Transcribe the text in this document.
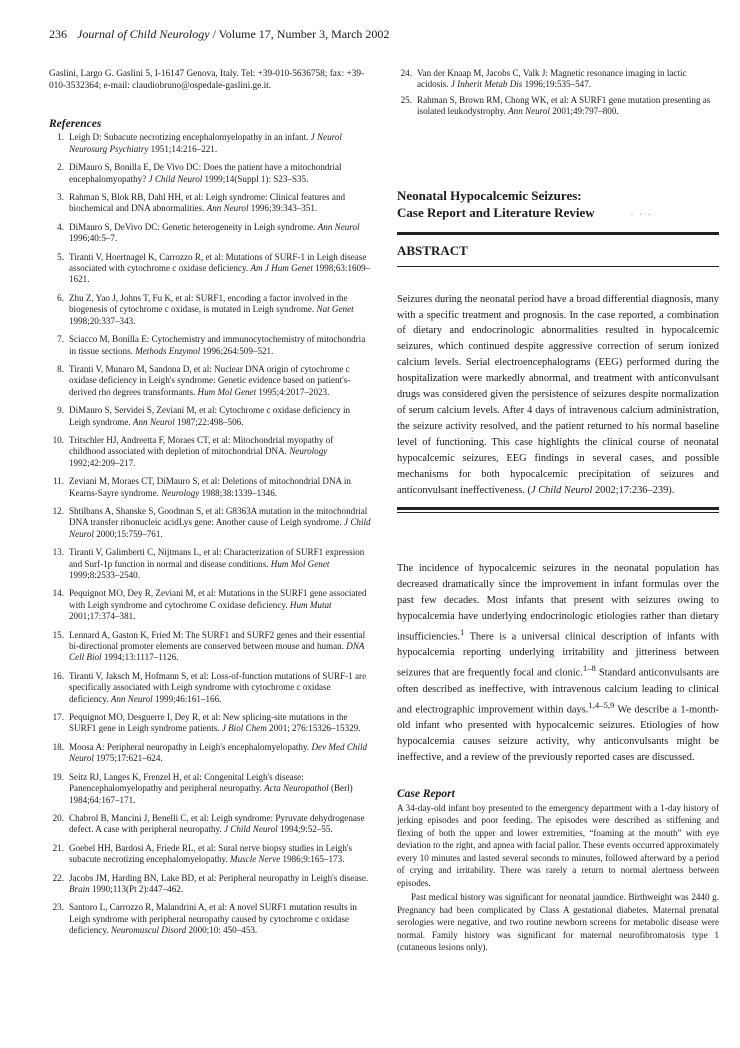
236 Journal of Child Neurology / Volume 17, Number 3, March 2002
Gaslini, Largo G. Gaslini 5, I-16147 Genova, Italy. Tel: +39-010-5636758; fax: +39-010-3532364; e-mail: claudiobruno@ospedale-gaslini.ge.it.
References
1. Leigh D: Subacute necrotizing encephalomyelopathy in an infant. J Neurol Neurosurg Psychiatry 1951;14:216–221.
2. DiMauro S, Bonilla E, De Vivo DC: Does the patient have a mitochondrial encephalomyopathy? J Child Neurol 1999;14(Suppl 1): S23–S35.
3. Rahman S, Blok RB, Dahl HH, et al: Leigh syndrome: Clinical features and biochemical and DNA abnormalities. Ann Neurol 1996;39:343–351.
4. DiMauro S, DeVivo DC: Genetic heterogeneity in Leigh syndrome. Ann Neurol 1996;40:5–7.
5. Tiranti V, Hoertnagel K, Carrozzo R, et al: Mutations of SURF-1 in Leigh disease associated with cytochrome c oxidase deficiency. Am J Hum Genet 1998;63:1609–1621.
6. Zhu Z, Yao J, Johns T, Fu K, et al: SURF1, encoding a factor involved in the biogenesis of cytochrome c oxidase, is mutated in Leigh syndrome. Nat Genet 1998;20:337–343.
7. Sciacco M, Bonilla E: Cytochemistry and immunocytochemistry of mitochondria in tissue sections. Methods Enzymol 1996;264:509–521.
8. Tiranti V, Munaro M, Sandona D, et al: Nuclear DNA origin of cytochrome c oxidase deficiency in Leigh's syndrome: Genetic evidence based on patient's-derived rho degrees transformants. Hum Mol Genet 1995;4:2017–2023.
9. DiMauro S, Servidei S, Zeviani M, et al: Cytochrome c oxidase deficiency in Leigh syndrome. Ann Neurol 1987;22:498–506.
10. Tritschler HJ, Andreetta F, Moraes CT, et al: Mitochondrial myopathy of childhood associated with depletion of mitochondrial DNA. Neurology 1992;42:209–217.
11. Zeviani M, Moraes CT, DiMauro S, et al: Deletions of mitochondrial DNA in Kearns-Sayre syndrome. Neurology 1988;38:1339–1346.
12. Shtilbans A, Shanske S, Goodman S, et al: G8363A mutation in the mitochondrial DNA transfer ribonucleic acidLys gene: Another cause of Leigh syndrome. J Child Neurol 2000;15:759–761.
13. Tiranti V, Galimberti C, Nijtmans L, et al: Characterization of SURF1 expression and Surf-1p function in normal and disease conditions. Hum Mol Genet 1999;8:2533–2540.
14. Pequignot MO, Dey R, Zeviani M, et al: Mutations in the SURF1 gene associated with Leigh syndrome and cytochrome C oxidase deficiency. Hum Mutat 2001;17:374–381.
15. Lennard A, Gaston K, Fried M: The SURF1 and SURF2 genes and their essential bi-directional promoter elements are conserved between mouse and human. DNA Cell Biol 1994;13:1117–1126.
16. Tiranti V, Jaksch M, Hofmann S, et al: Loss-of-function mutations of SURF-1 are specifically associated with Leigh syndrome with cytochrome c oxidase deficiency. Ann Neurol 1999;46:161–166.
17. Pequignot MO, Desguerre I, Dey R, et al: New splicing-site mutations in the SURF1 gene in Leigh syndrome patients. J Biol Chem 2001; 276:15326–15329.
18. Moosa A: Peripheral neuropathy in Leigh's encephalomyelopathy. Dev Med Child Neurol 1975;17:621–624.
19. Seitz RJ, Langes K, Frenzel H, et al: Congenital Leigh's disease: Panencephalomyelopathy and peripheral neuropathy. Acta Neuropathol (Berl) 1984;64:167–171.
20. Chabrol B, Mancini J, Benelli C, et al: Leigh syndrome: Pyruvate dehydrogenase defect. A case with peripheral neuropathy. J Child Neurol 1994;9:52–55.
21. Goebel HH, Bardosi A, Friede RL, et al: Sural nerve biopsy studies in Leigh's subacute necrotizing encephalomyelopathy. Muscle Nerve 1986;9:165–173.
22. Jacobs JM, Harding BN, Lake BD, et al: Peripheral neuropathy in Leigh's disease. Brain 1990;113(Pt 2):447–462.
23. Santoro L, Carrozzo R, Malandrini A, et al: A novel SURF1 mutation results in Leigh syndrome with peripheral neuropathy caused by cytochrome c oxidase deficiency. Neuromuscul Disord 2000;10: 450–453.
24. Van der Knaap M, Jacobs C, Valk J: Magnetic resonance imaging in lactic acidosis. J Inherit Metab Dis 1996;19:535–547.
25. Rahman S, Brown RM, Chong WK, et al: A SURF1 gene mutation presenting as isolated leukodystrophy. Ann Neurol 2001;49:797–800.
Neonatal Hypocalcemic Seizures:
Case Report and Literature Review	· · ·
ABSTRACT
Seizures during the neonatal period have a broad differential diagnosis, many with a specific treatment and prognosis. In the case reported, a combination of dietary and endocrinologic abnormalities resulted in hypocalcemic seizures, which continued despite aggressive correction of serum ionized calcium levels. Serial electroencephalograms (EEG) performed during the hospitalization were markedly abnormal, and treatment with anticonvulsant drugs was considered given the persistence of seizures despite normalization of serum calcium levels. After 4 days of intravenous calcium administration, the seizure activity resolved, and the patient returned to his normal baseline level of functioning. This case highlights the clinical course of neonatal hypocalcemic seizures, EEG findings in several cases, and possible mechanisms for both hypocalcemic precipitation of seizures and anticonvulsant ineffectiveness. (J Child Neurol 2002;17:236–239).
The incidence of hypocalcemic seizures in the neonatal population has decreased dramatically since the improvement in infant formulas over the past few decades. Most infants that present with seizures owing to hypocalcemia have underlying endocrinologic etiologies rather than dietary insufficiencies.$^1$ There is a universal clinical description of infants with hypocalcemia reporting underlying irritability and jitteriness between seizures that are frequently focal and clonic.$^{1-8}$ Standard anticonvulsants are often described as ineffective, with intravenous calcium leading to clinical and electrographic improvement within days.$^{1,4-5,9}$ We describe a 1-month-old infant who presented with hypocalcemic seizures. Etiologies of how hypocalcemia causes seizure activity, why anticonvulsants might be ineffective, and a review of the previously reported cases are discussed.
Case Report

A 34-day-old infant boy presented to the emergency department with a 1-day history of jerking episodes and poor feeding. The episodes were described as stiffening and flexing of both the upper and lower extremities, “foaming at the mouth” with eye deviation to the right, and apnea with facial pallor. These events occurred approximately every 10 minutes and lasted several seconds to minutes, followed afterward by a period of crying and irritability. There was rarely a return to normal alertness between episodes.

Past medical history was significant for neonatal jaundice. Birthweight was 2440 g. Pregnancy had been complicated by Class A gestational diabetes. Maternal prenatal serologies were negative, and two routine newborn screens for metabolic disease were normal. Family history was significant for maternal neurofibromatosis type 1 (cutaneous lesions only).
